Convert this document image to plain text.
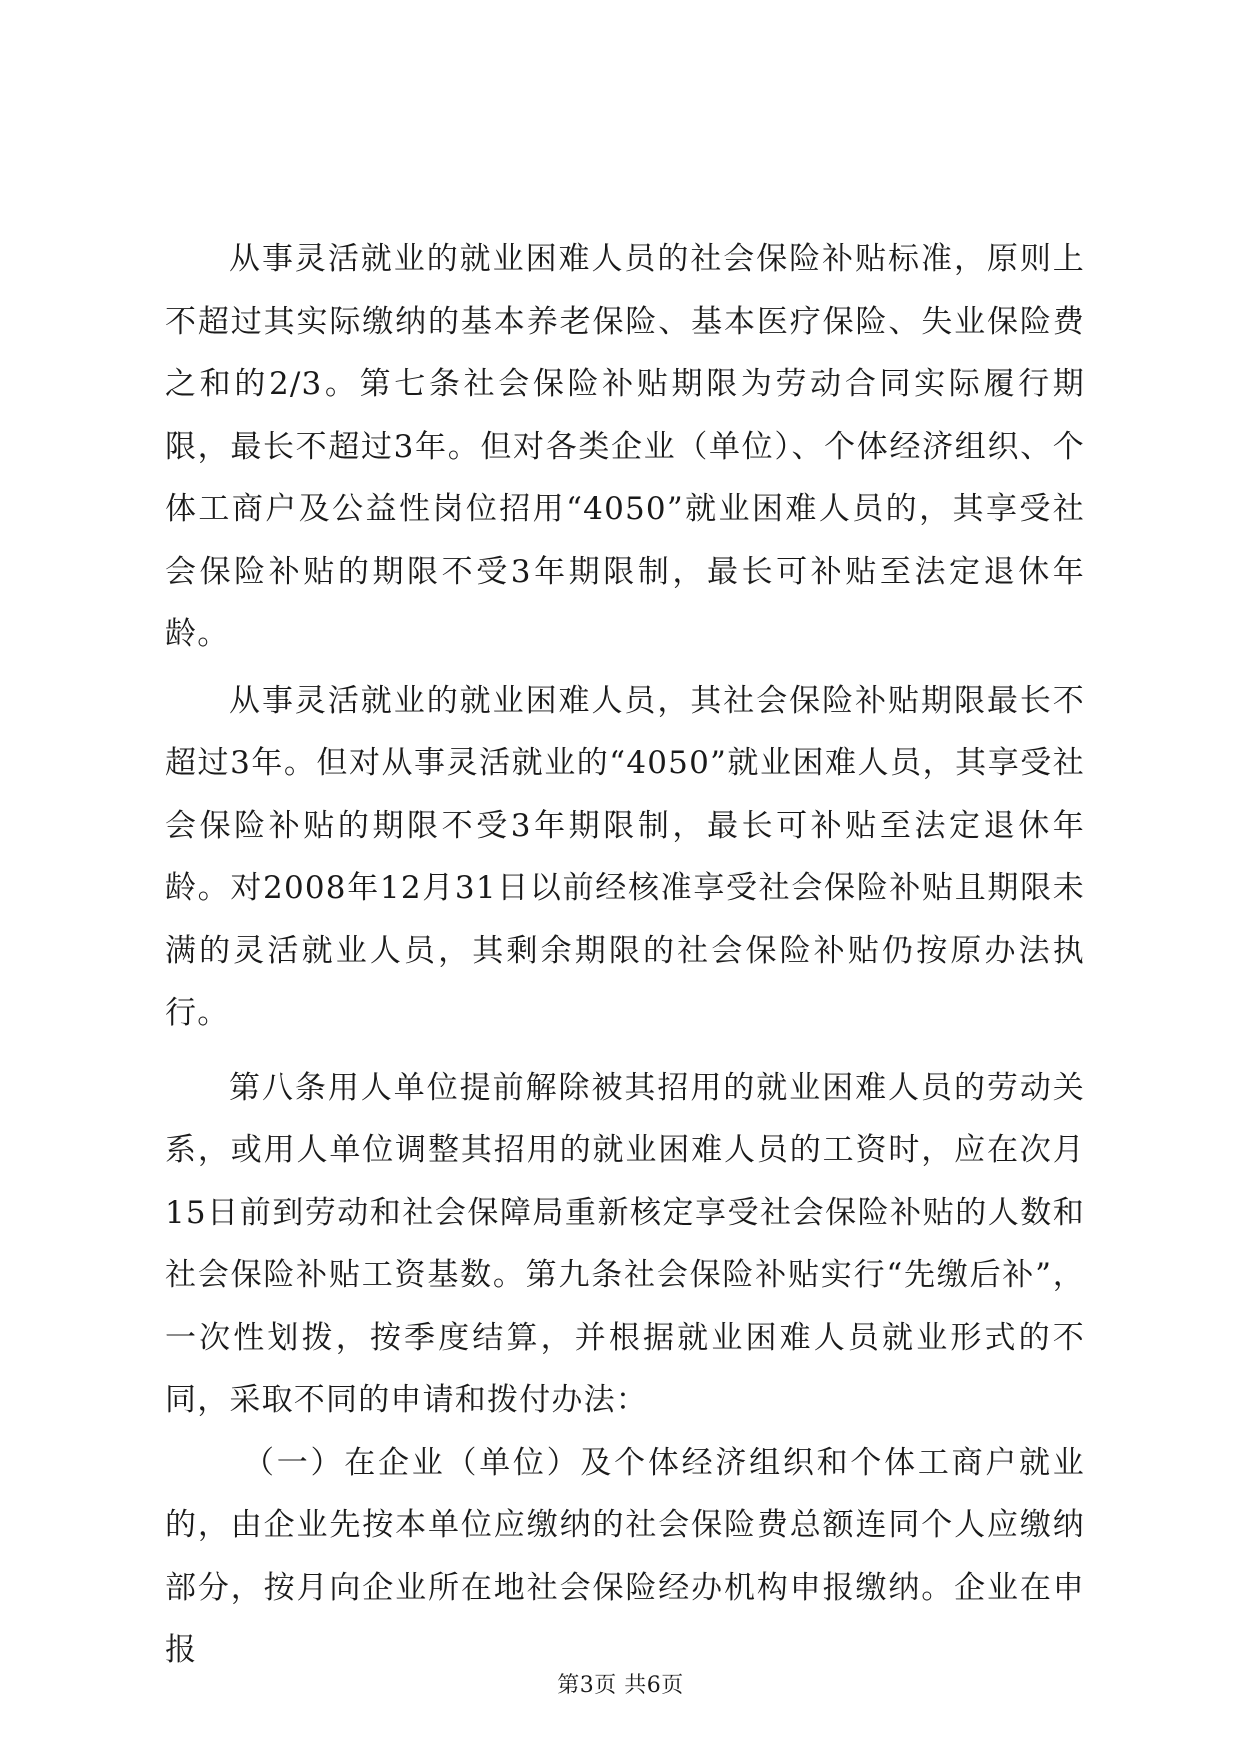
从事灵活就业的就业困难人员的社会保险补贴标准，原则上不超过其实际缴纳的基本养老保险、基本医疗保险、失业保险费之和的2/3。第七条社会保险补贴期限为劳动合同实际履行期限，最长不超过3年。但对各类企业（单位）、个体经济组织、个体工商户及公益性岗位招用“4050”就业困难人员的，其享受社会保险补贴的期限不受3年期限制，最长可补贴至法定退休年龄。

从事灵活就业的就业困难人员，其社会保险补贴期限最长不超过3年。但对从事灵活就业的“4050”就业困难人员，其享受社会保险补贴的期限不受3年期限制，最长可补贴至法定退休年龄。对2008年12月31日以前经核准享受社会保险补贴且期限未满的灵活就业人员，其剩余期限的社会保险补贴仍按原办法执行。

第八条用人单位提前解除被其招用的就业困难人员的劳动关系，或用人单位调整其招用的就业困难人员的工资时，应在次月15日前到劳动和社会保障局重新核定享受社会保险补贴的人数和社会保险补贴工资基数。第九条社会保险补贴实行“先缴后补”，一次性划拨，按季度结算，并根据就业困难人员就业形式的不同，采取不同的申请和拨付办法：

（一）在企业（单位）及个体经济组织和个体工商户就业的，由企业先按本单位应缴纳的社会保险费总额连同个人应缴纳部分，按月向企业所在地社会保险经办机构申报缴纳。企业在申报

第3页 共6页
